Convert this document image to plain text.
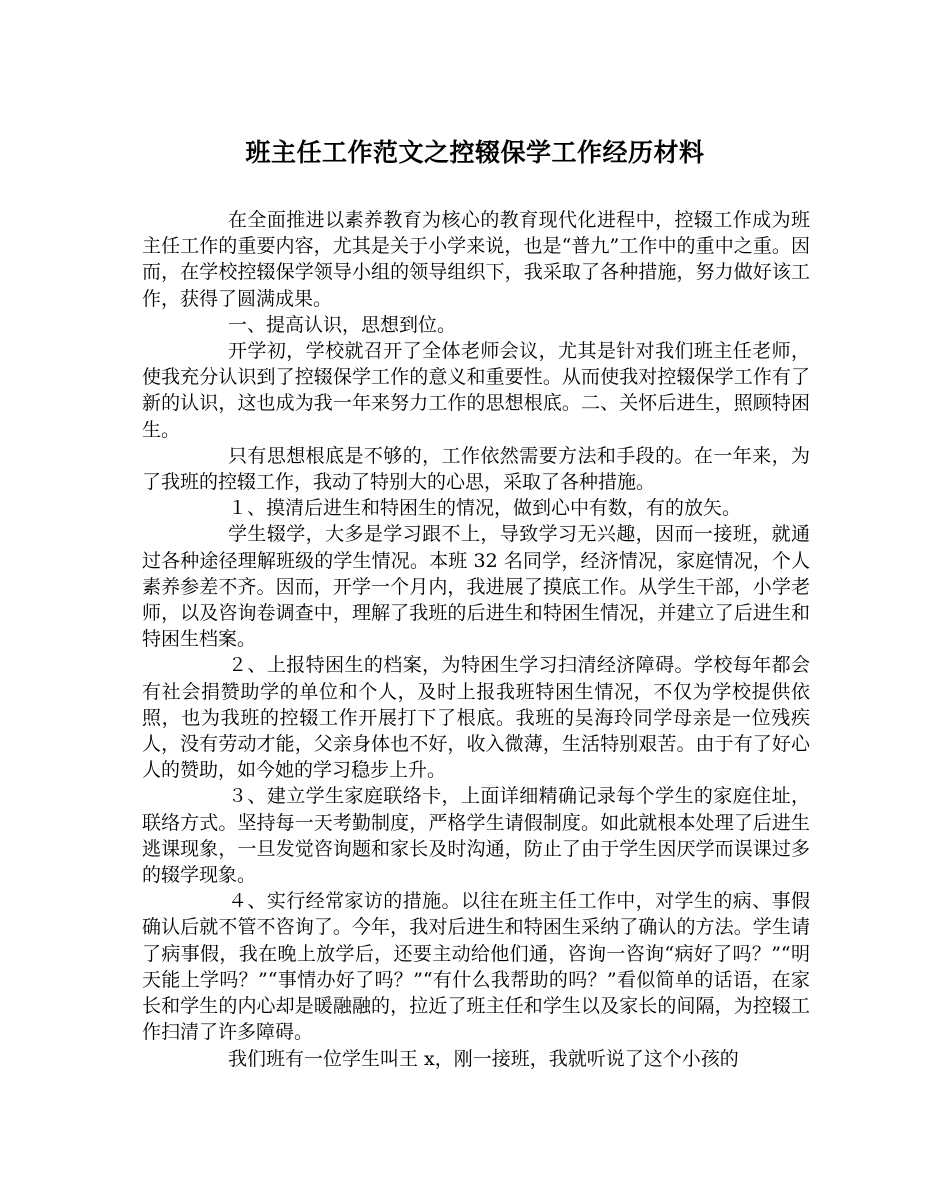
班主任工作范文之控辍保学工作经历材料

在全面推进以素养教育为核心的教育现代化进程中，控辍工作成为班主任工作的重要内容，尤其是关于小学来说，也是“普九”工作中的重中之重。因而，在学校控辍保学领导小组的领导组织下，我采取了各种措施，努力做好该工作，获得了圆满成果。

一、提高认识，思想到位。

开学初，学校就召开了全体老师会议，尤其是针对我们班主任老师，使我充分认识到了控辍保学工作的意义和重要性。从而使我对控辍保学工作有了新的认识，这也成为我一年来努力工作的思想根底。二、关怀后进生，照顾特困生。

只有思想根底是不够的，工作依然需要方法和手段的。在一年来，为了我班的控辍工作，我动了特别大的心思，采取了各种措施。

１、摸清后进生和特困生的情况，做到心中有数，有的放矢。

学生辍学，大多是学习跟不上，导致学习无兴趣，因而一接班，就通过各种途径理解班级的学生情况。本班 32 名同学，经济情况，家庭情况，个人素养参差不齐。因而，开学一个月内，我进展了摸底工作。从学生干部，小学老师，以及咨询卷调查中，理解了我班的后进生和特困生情况，并建立了后进生和特困生档案。

２、上报特困生的档案，为特困生学习扫清经济障碍。学校每年都会有社会捐赞助学的单位和个人，及时上报我班特困生情况，不仅为学校提供依照，也为我班的控辍工作开展打下了根底。我班的吴海玲同学母亲是一位残疾人，没有劳动才能，父亲身体也不好，收入微薄，生活特别艰苦。由于有了好心人的赞助，如今她的学习稳步上升。

３、建立学生家庭联络卡，上面详细精确记录每个学生的家庭住址，联络方式。坚持每一天考勤制度，严格学生请假制度。如此就根本处理了后进生逃课现象，一旦发觉咨询题和家长及时沟通，防止了由于学生因厌学而误课过多的辍学现象。

４、实行经常家访的措施。以往在班主任工作中，对学生的病、事假确认后就不管不咨询了。今年，我对后进生和特困生采纳了确认的方法。学生请了病事假，我在晚上放学后，还要主动给他们通，咨询一咨询“病好了吗？”“明天能上学吗？”“事情办好了吗？”“有什么我帮助的吗？”看似简单的话语，在家长和学生的内心却是暖融融的，拉近了班主任和学生以及家长的间隔，为控辍工作扫清了许多障碍。

我们班有一位学生叫王 x，刚一接班，我就听说了这个小孩的
